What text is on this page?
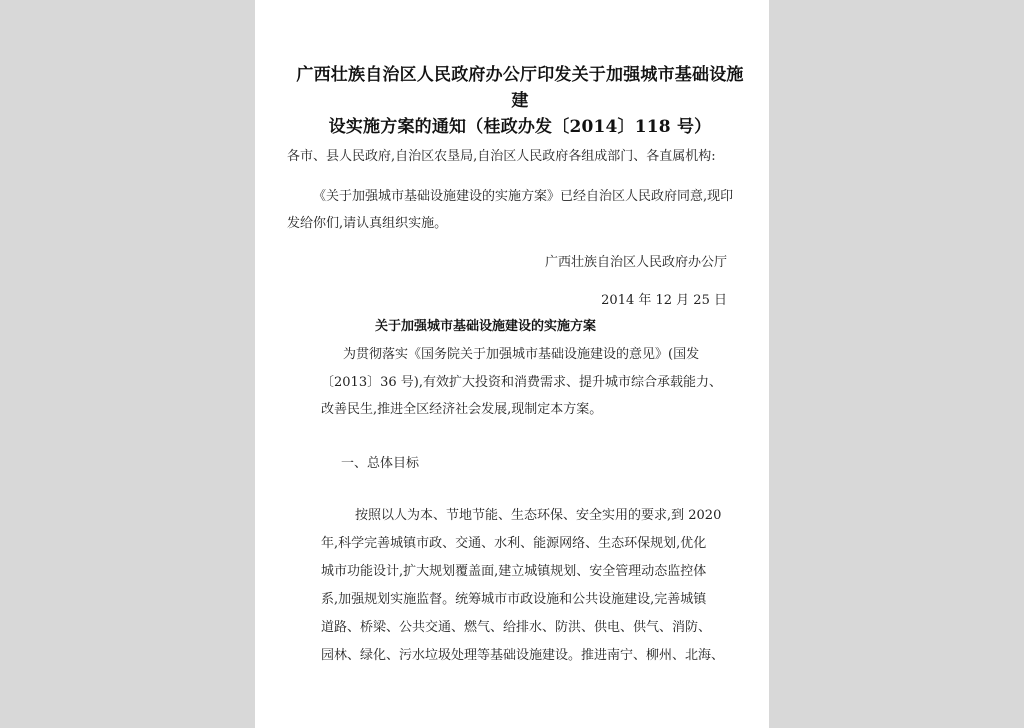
广西壮族自治区人民政府办公厅印发关于加强城市基础设施建
设实施方案的通知（桂政办发〔2014〕118 号）

各市、县人民政府,自治区农垦局,自治区人民政府各组成部门、各直属机构:

《关于加强城市基础设施建设的实施方案》已经自治区人民政府同意,现印

发给你们,请认真组织实施。

广西壮族自治区人民政府办公厅

2014 年 12 月 25 日

关于加强城市基础设施建设的实施方案

为贯彻落实《国务院关于加强城市基础设施建设的意见》(国发

〔2013〕36 号),有效扩大投资和消费需求、提升城市综合承载能力、

改善民生,推进全区经济社会发展,现制定本方案。

一、总体目标

按照以人为本、节地节能、生态环保、安全实用的要求,到 2020

年,科学完善城镇市政、交通、水利、能源网络、生态环保规划,优化

城市功能设计,扩大规划覆盖面,建立城镇规划、安全管理动态监控体

系,加强规划实施监督。统筹城市市政设施和公共设施建设,完善城镇

道路、桥梁、公共交通、燃气、给排水、防洪、供电、供气、消防、

园林、绿化、污水垃圾处理等基础设施建设。推进南宁、柳州、北海、
